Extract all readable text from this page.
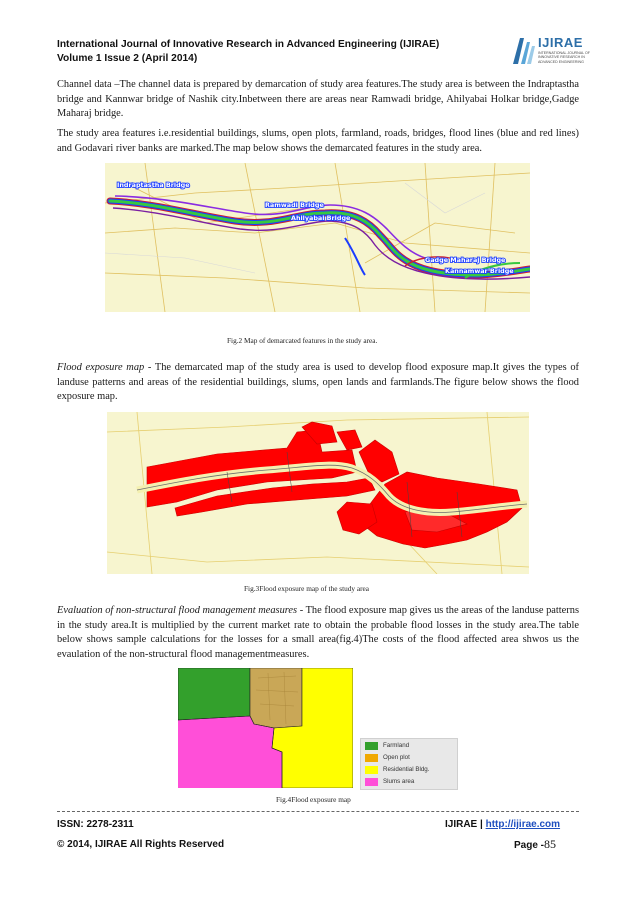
International Journal of Innovative Research in Advanced Engineering (IJIRAE)
Volume 1 Issue 2 (April 2014)
IJIRAE
INTERNATIONAL JOURNAL OF
INNOVATIVE RESEARCH IN
ADVANCED ENGINEERING

Channel data –The channel data is prepared by demarcation of study area features.The study area is between the Indraptastha bridge and Kannwar bridge of Nashik city.Inbetween there are areas near Ramwadi bridge, Ahilyabai Holkar bridge,Gadge Maharaj bridge.

The study area features i.e.residential buildings, slums, open plots, farmland, roads, bridges, flood lines (blue and red lines) and Godavari river banks are marked.The map below shows the demarcated features in the study area.

Indraptastha Bridge
Ramwadi Bridge
Ahilyabai Bridge
Gadge Maharaj Bridge
Kannamwar Bridge
Fig.2 Map of demarcated features in the study area.

Flood exposure map - The demarcated map of the study area is used to develop flood exposure map.It gives the types of landuse patterns and areas of the residential buildings, slums, open lands and farmlands.The figure below shows the flood exposure map.

Fig.3Flood exposure map of the study area

Evaluation of non-structural flood management measures - The flood exposure map gives us the areas of the landuse patterns in the study area.It is multiplied by the current market rate to obtain the probable flood losses in the study area.The table below shows sample calculations for the losses for a small area(fig.4)The costs of the flood affected area shwos us the evaulation of the non-structural flood managementmeasures.

Farmland
Open plot
Residential Bldg.
Slums area
Fig.4Flood exposure map
ISSN: 2278-2311	IJIRAE | http://ijirae.com
© 2014, IJIRAE All Rights Reserved	Page -85
